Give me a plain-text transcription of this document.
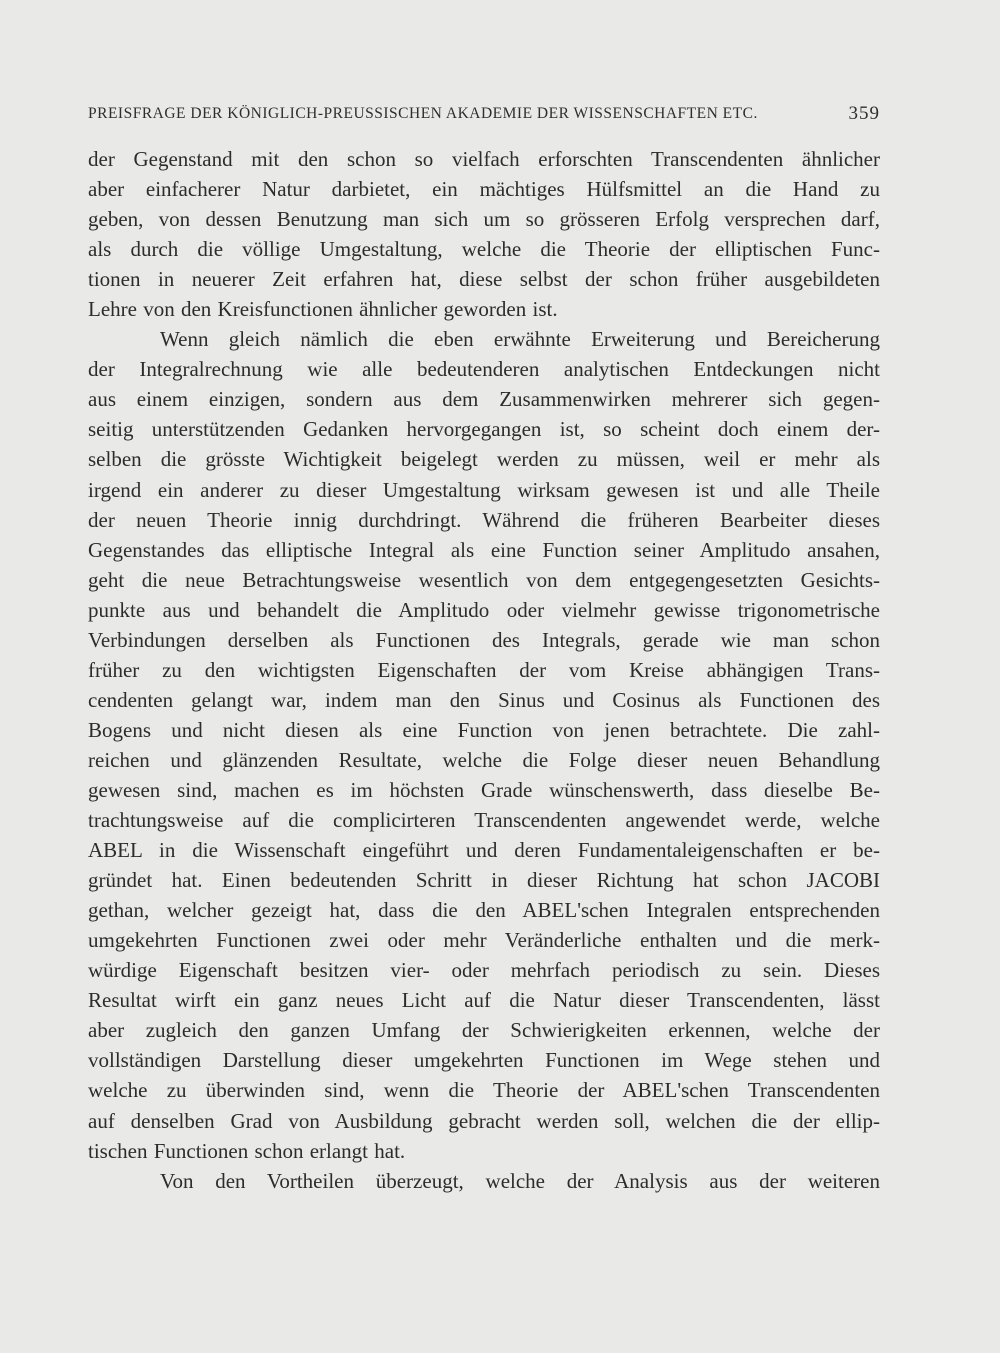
PREISFRAGE DER KÖNIGLICH-PREUSSISCHEN AKADEMIE DER WISSENSCHAFTEN ETC.	359
der Gegenstand mit den schon so vielfach erforschten Transcendenten ähnlicher
aber einfacherer Natur darbietet, ein mächtiges Hülfsmittel an die Hand zu
geben, von dessen Benutzung man sich um so grösseren Erfolg versprechen darf,
als durch die völlige Umgestaltung, welche die Theorie der elliptischen Func-
tionen in neuerer Zeit erfahren hat, diese selbst der schon früher ausgebildeten
Lehre von den Kreisfunctionen ähnlicher geworden ist.
Wenn gleich nämlich die eben erwähnte Erweiterung und Bereicherung
der Integralrechnung wie alle bedeutenderen analytischen Entdeckungen nicht
aus einem einzigen, sondern aus dem Zusammenwirken mehrerer sich gegen-
seitig unterstützenden Gedanken hervorgegangen ist, so scheint doch einem der-
selben die grösste Wichtigkeit beigelegt werden zu müssen, weil er mehr als
irgend ein anderer zu dieser Umgestaltung wirksam gewesen ist und alle Theile
der neuen Theorie innig durchdringt. Während die früheren Bearbeiter dieses
Gegenstandes das elliptische Integral als eine Function seiner Amplitudo ansahen,
geht die neue Betrachtungsweise wesentlich von dem entgegengesetzten Gesichts-
punkte aus und behandelt die Amplitudo oder vielmehr gewisse trigonometrische
Verbindungen derselben als Functionen des Integrals, gerade wie man schon
früher zu den wichtigsten Eigenschaften der vom Kreise abhängigen Trans-
cendenten gelangt war, indem man den Sinus und Cosinus als Functionen des
Bogens und nicht diesen als eine Function von jenen betrachtete. Die zahl-
reichen und glänzenden Resultate, welche die Folge dieser neuen Behandlung
gewesen sind, machen es im höchsten Grade wünschenswerth, dass dieselbe Be-
trachtungsweise auf die complicirteren Transcendenten angewendet werde, welche
ABEL in die Wissenschaft eingeführt und deren Fundamentaleigenschaften er be-
gründet hat. Einen bedeutenden Schritt in dieser Richtung hat schon JACOBI
gethan, welcher gezeigt hat, dass die den ABEL'schen Integralen entsprechenden
umgekehrten Functionen zwei oder mehr Veränderliche enthalten und die merk-
würdige Eigenschaft besitzen vier- oder mehrfach periodisch zu sein. Dieses
Resultat wirft ein ganz neues Licht auf die Natur dieser Transcendenten, lässt
aber zugleich den ganzen Umfang der Schwierigkeiten erkennen, welche der
vollständigen Darstellung dieser umgekehrten Functionen im Wege stehen und
welche zu überwinden sind, wenn die Theorie der ABEL'schen Transcendenten
auf denselben Grad von Ausbildung gebracht werden soll, welchen die der ellip-
tischen Functionen schon erlangt hat.
Von den Vortheilen überzeugt, welche der Analysis aus der weiteren
